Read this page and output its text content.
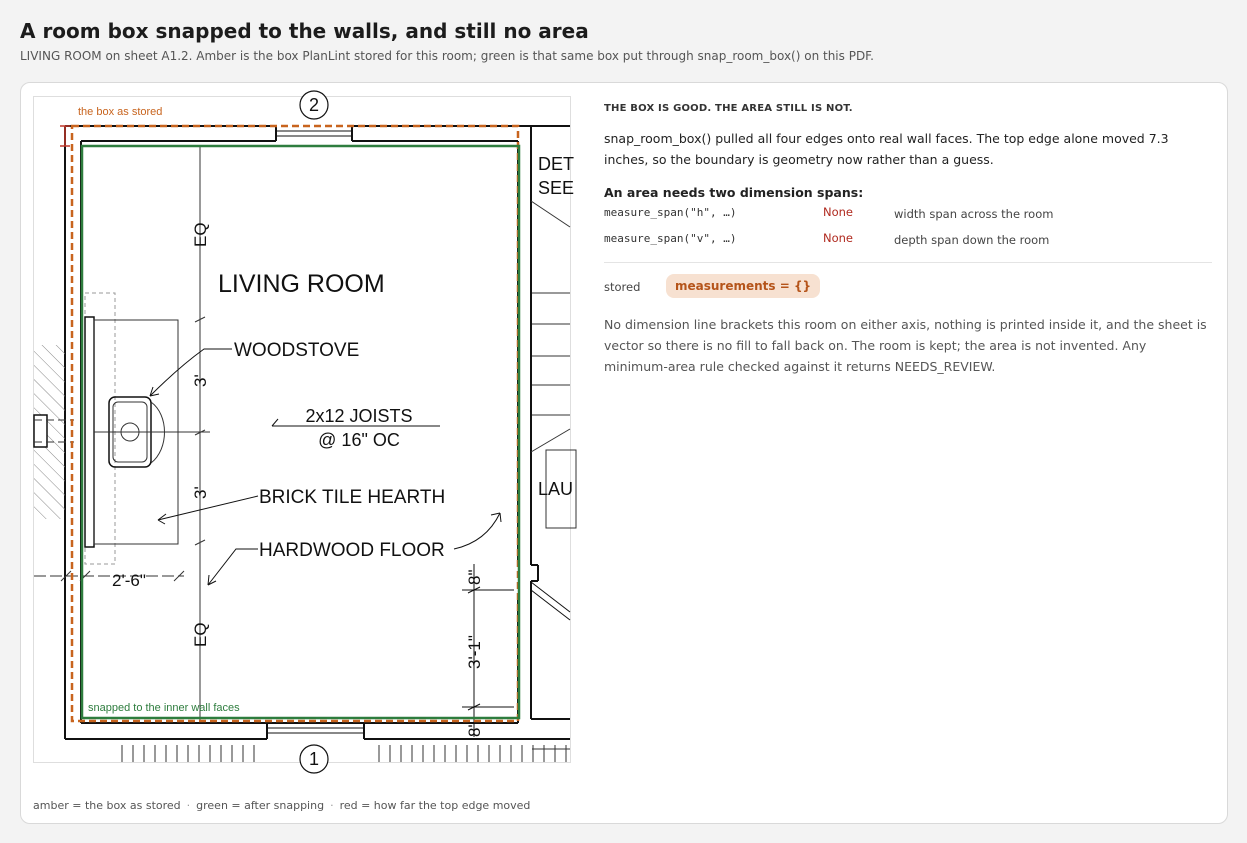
A room box snapped to the walls, and still no area
LIVING ROOM on sheet A1.2. Amber is the box PlanLint stored for this room; green is that same box put through snap_room_box() on this PDF.
2
1
the box as stored
snapped to the inner wall faces
LIVING ROOM
WOODSTOVE
2x12 JOISTS
@ 16" OC
BRICK TILE HEARTH
HARDWOOD FLOOR
2'-6"
EQ
3'
3'
EQ
8"
3'-1"
8"
DET
SEE
LAU
amber = the box as stored · green = after snapping · red = how far the top edge moved
THE BOX IS GOOD. THE AREA STILL IS NOT.
snap_room_box() pulled all four edges onto real wall faces. The top edge alone moved 7.3 inches, so the boundary is geometry now rather than a guess.
An area needs two dimension spans:
measure_span("h", …)	None	width span across the room
measure_span("v", …)	None	depth span down the room
stored	measurements = {}
No dimension line brackets this room on either axis, nothing is printed inside it, and the sheet is vector so there is no fill to fall back on. The room is kept; the area is not invented. Any minimum-area rule checked against it returns NEEDS_REVIEW.
